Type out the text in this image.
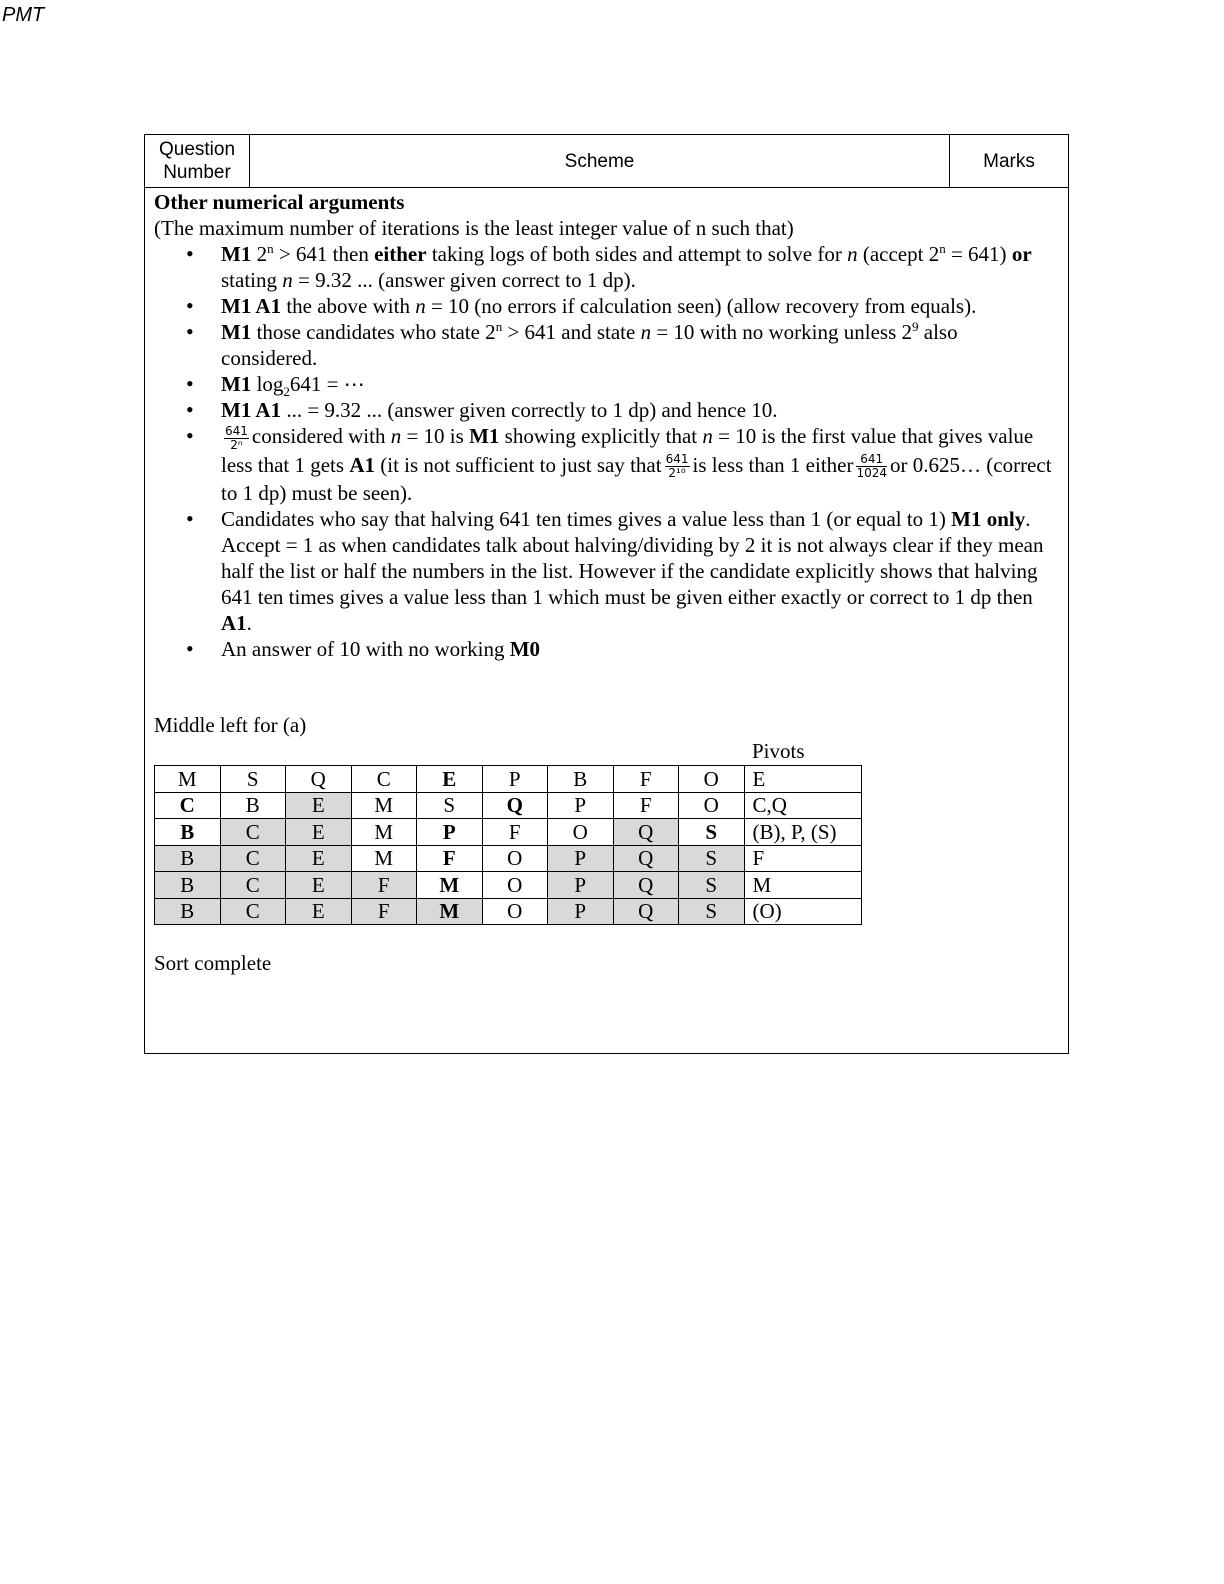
PMT
Question Number
Scheme	Marks
Other numerical arguments
(The maximum number of iterations is the least integer value of n such that)
• M1 $2^n > 641$ then either taking logs of both sides and attempt to solve for n (accept $2^n = 641$) or stating n = 9.32 ... (answer given correct to 1 dp).
• M1 A1 the above with n = 10 (no errors if calculation seen) (allow recovery from equals).
• M1 those candidates who state $2^n > 641$ and state n = 10 with no working unless $2^9$ also considered.
• M1 $\log_2641$ = ⋯
• M1 A1 ... = 9.32 ... (answer given correctly to 1 dp) and hence 10.
• $\frac{641}{\text{2ⁿ}}$ considered with n = 10 is M1 showing explicitly that n = 10 is the first value that gives value less that 1 gets A1 (it is not sufficient to just say that $\frac{641}{\text{2¹⁰}}$ is less than 1 either $\frac{641}{1024}$ or 0.625… (correct to 1 dp) must be seen).
• Candidates who say that halving 641 ten times gives a value less than 1 (or equal to 1) M1 only. Accept = 1 as when candidates talk about halving/dividing by 2 it is not always clear if they mean half the list or half the numbers in the list. However if the candidate explicitly shows that halving 641 ten times gives a value less than 1 which must be given either exactly or correct to 1 dp then A1.
• An answer of 10 with no working M0
Middle left for (a)
Pivots
M	S	Q	C	E	P	B	F	O	E
C	B	E	M	S	Q	P	F	O	C,Q
B	C	E	M	P	F	O	Q	S	(B), P, (S)
B	C	E	M	F	O	P	Q	S	F
B	C	E	F	M	O	P	Q	S	M
B	C	E	F	M	O	P	Q	S	(O)
Sort complete
